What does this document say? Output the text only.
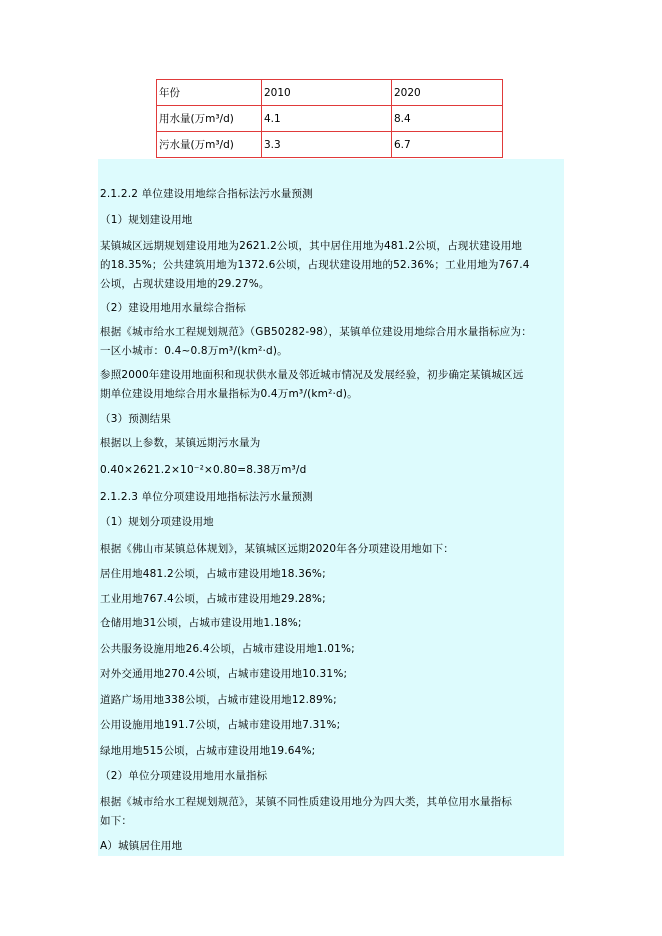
年份	2010	2020
用水量(万m³/d)	4.1	8.4
污水量(万m³/d)	3.3	6.7
2.1.2.2 单位建设用地综合指标法污水量预测
（1）规划建设用地
某镇城区远期规划建设用地为2621.2公顷，其中居住用地为481.2公顷，占现状建设用地
的18.35%；公共建筑用地为1372.6公顷，占现状建设用地的52.36%；工业用地为767.4
公顷，占现状建设用地的29.27%。
（2）建设用地用水量综合指标
根据《城市给水工程规划规范》（GB50282-98），某镇单位建设用地综合用水量指标应为：
一区小城市：0.4~0.8万m³/(km²·d)。
参照2000年建设用地面积和现状供水量及邻近城市情况及发展经验，初步确定某镇城区远
期单位建设用地综合用水量指标为0.4万m³/(km²·d)。
（3）预测结果
根据以上参数，某镇远期污水量为
0.40×2621.2×10⁻²×0.80=8.38万m³/d
2.1.2.3 单位分项建设用地指标法污水量预测
（1）规划分项建设用地
根据《佛山市某镇总体规划》，某镇城区远期2020年各分项建设用地如下：
居住用地481.2公顷，占城市建设用地18.36%;
工业用地767.4公顷，占城市建设用地29.28%;
仓储用地31公顷，占城市建设用地1.18%;
公共服务设施用地26.4公顷，占城市建设用地1.01%;
对外交通用地270.4公顷，占城市建设用地10.31%;
道路广场用地338公顷，占城市建设用地12.89%;
公用设施用地191.7公顷，占城市建设用地7.31%;
绿地用地515公顷，占城市建设用地19.64%;
（2）单位分项建设用地用水量指标
根据《城市给水工程规划规范》，某镇不同性质建设用地分为四大类，其单位用水量指标
如下：
A）城镇居住用地
